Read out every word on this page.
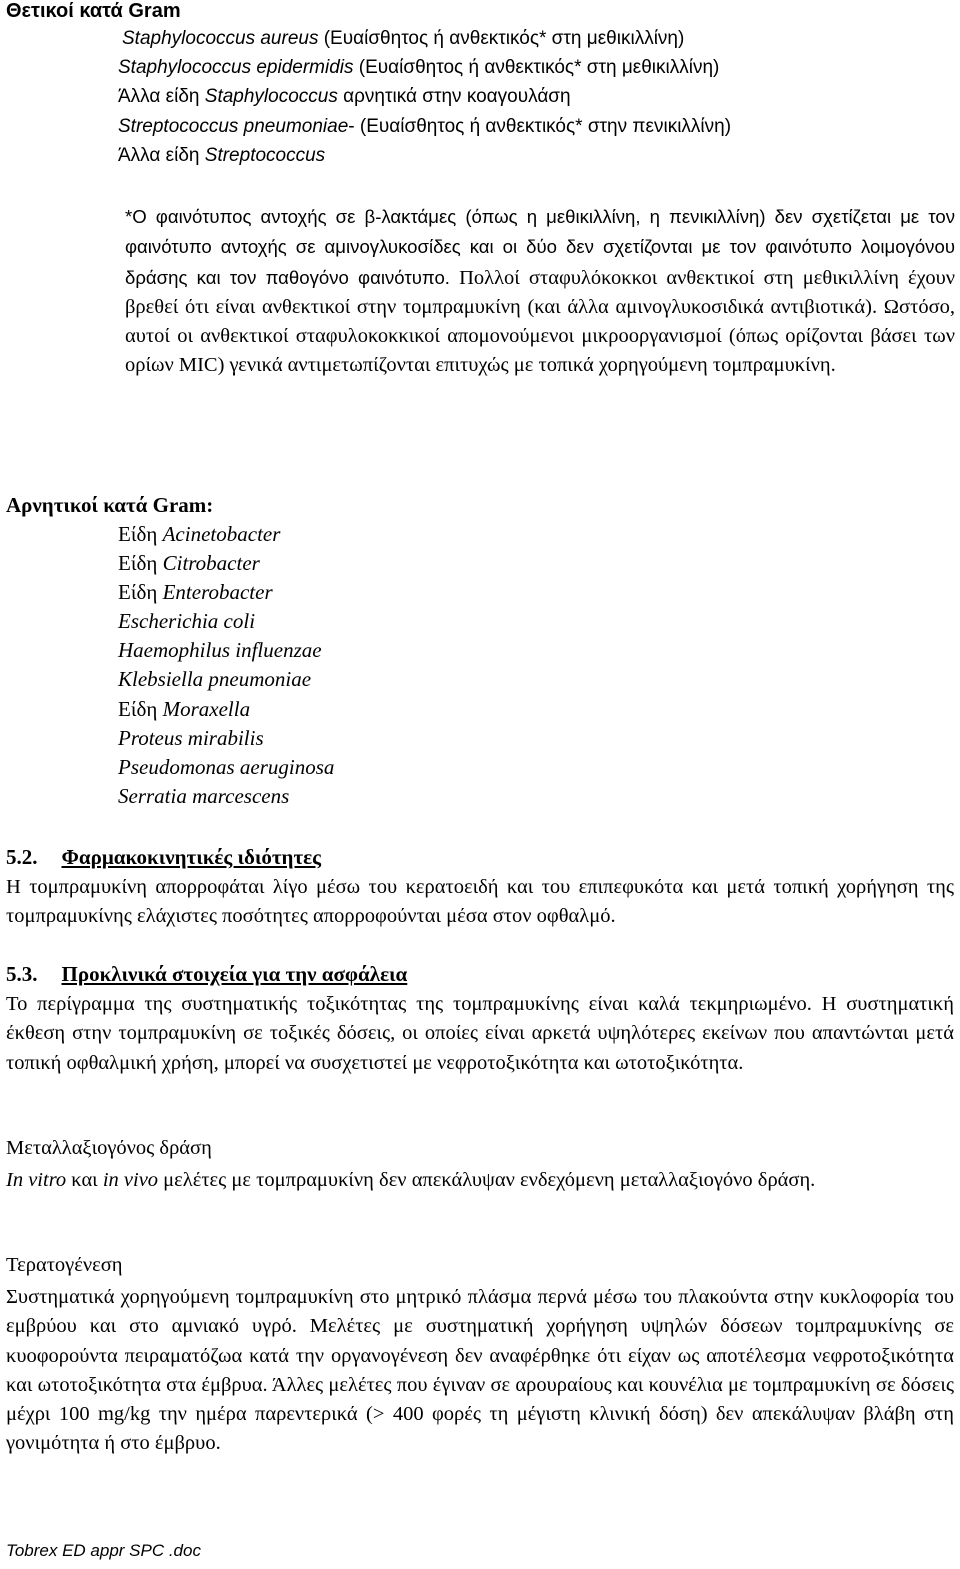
Θετικοί κατά Gram
Staphylococcus aureus (Ευαίσθητος ή ανθεκτικός* στη μεθικιλλίνη)
Staphylococcus epidermidis (Ευαίσθητος ή ανθεκτικός* στη μεθικιλλίνη)
Άλλα είδη Staphylococcus αρνητικά στην κοαγουλάση
Streptococcus pneumoniae- (Ευαίσθητος ή ανθεκτικός* στην πενικιλλίνη)
Άλλα είδη Streptococcus

*Ο φαινότυπος αντοχής σε β-λακτάμες (όπως η μεθικιλλίνη, η πενικιλλίνη) δεν σχετίζεται με τον φαινότυπο αντοχής σε αμινογλυκοσίδες και οι δύο δεν σχετίζονται με τον φαινότυπο λοιμογόνου δράσης και τον παθογόνο φαινότυπο. Πολλοί σταφυλόκοκκοι ανθεκτικοί στη μεθικιλλίνη έχουν βρεθεί ότι είναι ανθεκτικοί στην τομπραμυκίνη (και άλλα αμινογλυκοσιδικά αντιβιοτικά). Ωστόσο, αυτοί οι ανθεκτικοί σταφυλοκοκκικοί απομονούμενοι μικροοργανισμοί (όπως ορίζονται βάσει των ορίων MIC) γενικά αντιμετωπίζονται επιτυχώς με τοπικά χορηγούμενη τομπραμυκίνη.

Αρνητικοί κατά Gram:
Είδη Acinetobacter
Είδη Citrobacter
Είδη Enterobacter
Escherichia coli
Haemophilus influenzae
Klebsiella pneumoniae
Είδη Moraxella
Proteus mirabilis
Pseudomonas aeruginosa
Serratia marcescens
5.2. Φαρμακοκινητικές ιδιότητες

Η τομπραμυκίνη απορροφάται λίγο μέσω του κερατοειδή και του επιπεφυκότα και μετά τοπική χορήγηση της τομπραμυκίνης ελάχιστες ποσότητες απορροφούνται μέσα στον οφθαλμό.

5.3. Προκλινικά στοιχεία για την ασφάλεια

Το περίγραμμα της συστηματικής τοξικότητας της τομπραμυκίνης είναι καλά τεκμηριωμένο. Η συστηματική έκθεση στην τομπραμυκίνη σε τοξικές δόσεις, οι οποίες είναι αρκετά υψηλότερες εκείνων που απαντώνται μετά τοπική οφθαλμική χρήση, μπορεί να συσχετιστεί με νεφροτοξικότητα και ωτοτοξικότητα.

Μεταλλαξιογόνος δράση

In vitro και in vivo μελέτες με τομπραμυκίνη δεν απεκάλυψαν ενδεχόμενη μεταλλαξιογόνο δράση.

Τερατογένεση

Συστηματικά χορηγούμενη τομπραμυκίνη στο μητρικό πλάσμα περνά μέσω του πλακούντα στην κυκλοφορία του εμβρύου και στο αμνιακό υγρό. Μελέτες με συστηματική χορήγηση υψηλών δόσεων τομπραμυκίνης σε κυοφορούντα πειραματόζωα κατά την οργανογένεση δεν αναφέρθηκε ότι είχαν ως αποτέλεσμα νεφροτοξικότητα και ωτοτοξικότητα στα έμβρυα. Άλλες μελέτες που έγιναν σε αρουραίους και κουνέλια με τομπραμυκίνη σε δόσεις μέχρι 100 mg/kg την ημέρα παρεντερικά (> 400 φορές τη μέγιστη κλινική δόση) δεν απεκάλυψαν βλάβη στη γονιμότητα ή στο έμβρυο.

Tobrex ED appr SPC .doc
